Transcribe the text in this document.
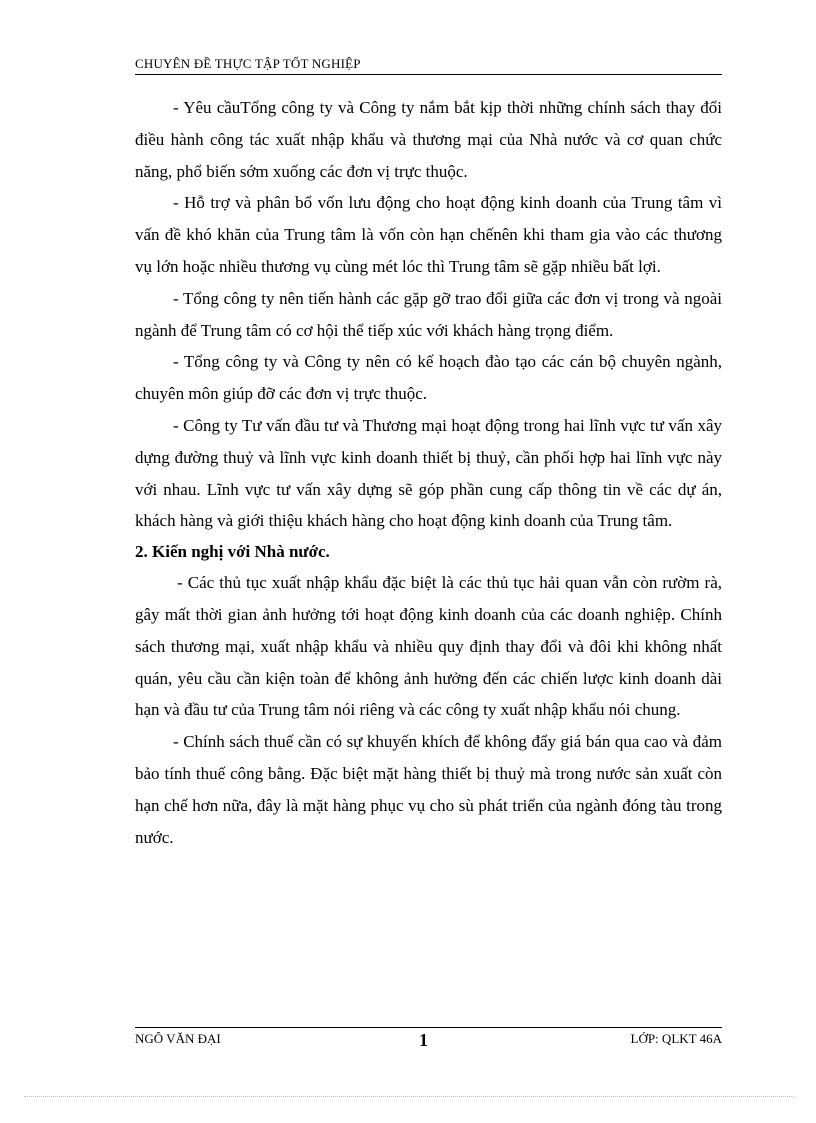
CHUYÊN ĐỀ THỰC TẬP TỐT NGHIỆP

- Yêu cầuTổng công ty và Công ty nắm bắt kịp thời những chính sách thay đổi điều hành công tác xuất nhập khẩu và thương mại của Nhà nước và cơ quan chức năng, phổ biến sớm xuống các đơn vị trực thuộc.

- Hỗ trợ và phân bổ vốn lưu động cho hoạt động kinh doanh của Trung tâm vì vấn đề khó khăn của Trung tâm là vốn còn hạn chếnên khi tham gia vào các thương vụ lớn hoặc nhiều thương vụ cùng mét lóc thì Trung tâm sẽ gặp nhiều bất lợi.

- Tổng công ty nên tiến hành các gặp gỡ trao đổi giữa các đơn vị trong và ngoài ngành để Trung tâm có cơ hội thể tiếp xúc với khách hàng trọng điểm.

- Tổng công ty và Công ty nên có kế hoạch đào tạo các cán bộ chuyên ngành, chuyên môn giúp đỡ các đơn vị trực thuộc.

- Công ty Tư vấn đầu tư và Thương mại hoạt động trong hai lĩnh vực tư vấn xây dựng đường thuỷ và lĩnh vực kinh doanh thiết bị thuỷ, cần phối hợp hai lĩnh vực này với nhau. Lĩnh vực tư vấn xây dựng sẽ góp phần cung cấp thông tin về các dự án, khách hàng và giới thiệu khách hàng cho hoạt động kinh doanh của Trung tâm.

2. Kiến nghị với Nhà nước.

- Các thủ tục xuất nhập khẩu đặc biệt là các thủ tục hải quan vẫn còn rườm rà, gây mất thời gian ảnh hưởng tới hoạt động kinh doanh của các doanh nghiệp. Chính sách thương mại, xuất nhập khẩu và nhiều quy định thay đổi và đôi khi không nhất quán, yêu cầu cần kiện toàn để không ảnh hưởng đến các chiến lược kinh doanh dài hạn và đầu tư của Trung tâm nói riêng và các công ty xuất nhập khẩu nói chung.

- Chính sách thuế cần có sự khuyến khích để không đẩy giá bán qua cao và đảm bảo tính thuế công bằng. Đặc biệt mặt hàng thiết bị thuỷ mà trong nước sản xuất còn hạn chế hơn nữa, đây là mặt hàng phục vụ cho sù phát triển của ngành đóng tàu trong nước.

NGÔ VĂN ĐẠI	1	LỚP: QLKT 46A
